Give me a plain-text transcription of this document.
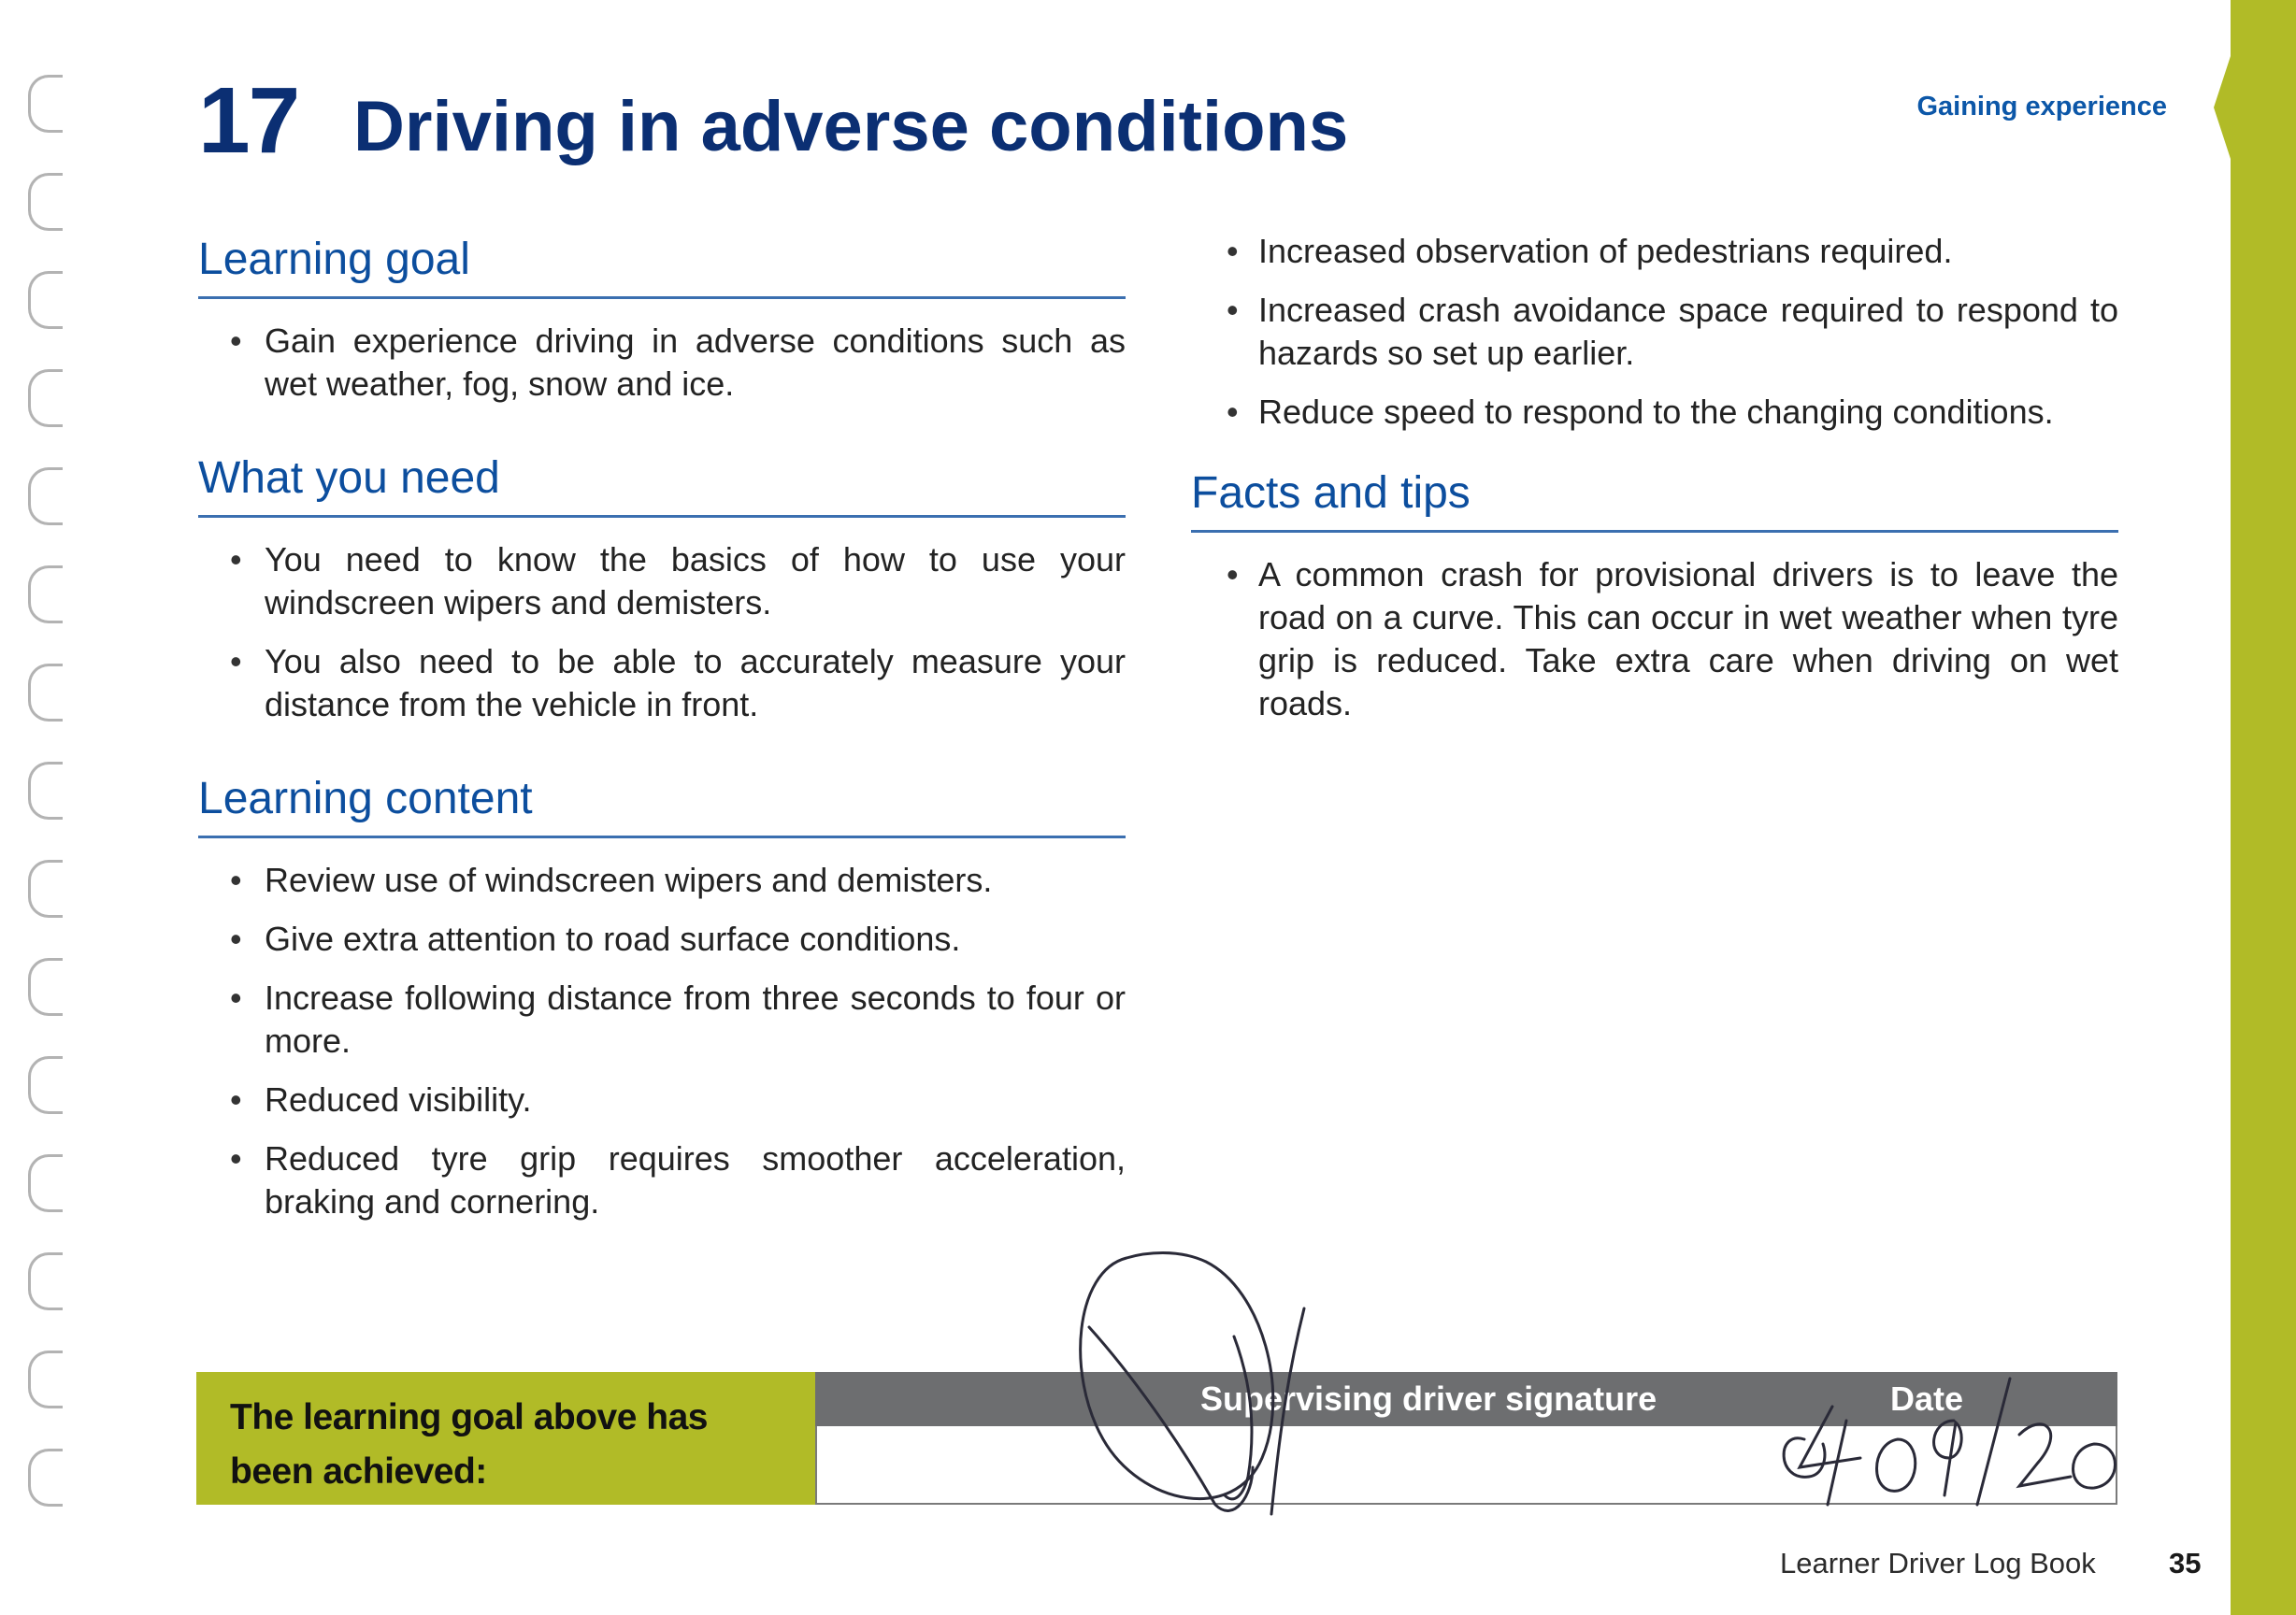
17 Driving in adverse conditions	Gaining experience
Learning goal
• Gain experience driving in adverse conditions such as wet weather, fog, snow and ice.
What you need
• You need to know the basics of how to use your windscreen wipers and demisters.
• You also need to be able to accurately measure your distance from the vehicle in front.
Learning content
• Review use of windscreen wipers and demisters.
• Give extra attention to road surface conditions.
• Increase following distance from three seconds to four or more.
• Reduced visibility.
• Reduced tyre grip requires smoother acceleration, braking and cornering.
• Increased observation of pedestrians required.
• Increased crash avoidance space required to respond to hazards so set up earlier.
• Reduce speed to respond to the changing conditions.
Facts and tips
• A common crash for provisional drivers is to leave the road on a curve. This can occur in wet weather when tyre grip is reduced. Take extra care when driving on wet roads.
The learning goal above has been achieved:
Supervising driver signature	Date
Learner Driver Log Book	35
